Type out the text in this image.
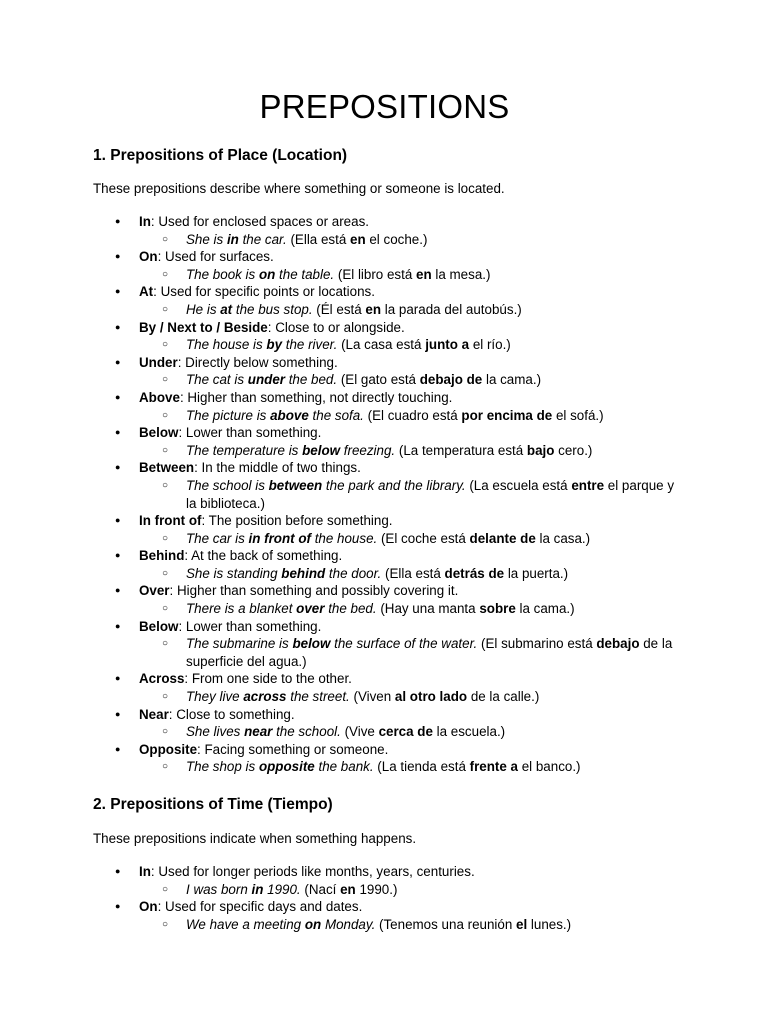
PREPOSITIONS
1. Prepositions of Place (Location)

These prepositions describe where something or someone is located.

● In: Used for enclosed spaces or areas.
○ She is in the car. (Ella está en el coche.)
● On: Used for surfaces.
○ The book is on the table. (El libro está en la mesa.)
● At: Used for specific points or locations.
○ He is at the bus stop. (Él está en la parada del autobús.)
● By / Next to / Beside: Close to or alongside.
○ The house is by the river. (La casa está junto a el río.)
● Under: Directly below something.
○ The cat is under the bed. (El gato está debajo de la cama.)
● Above: Higher than something, not directly touching.
○ The picture is above the sofa. (El cuadro está por encima de el sofá.)
● Below: Lower than something.
○ The temperature is below freezing. (La temperatura está bajo cero.)
● Between: In the middle of two things.
○ The school is between the park and the library. (La escuela está entre el parque y la biblioteca.)
● In front of: The position before something.
○ The car is in front of the house. (El coche está delante de la casa.)
● Behind: At the back of something.
○ She is standing behind the door. (Ella está detrás de la puerta.)
● Over: Higher than something and possibly covering it.
○ There is a blanket over the bed. (Hay una manta sobre la cama.)
● Below: Lower than something.
○ The submarine is below the surface of the water. (El submarino está debajo de la superficie del agua.)
● Across: From one side to the other.
○ They live across the street. (Viven al otro lado de la calle.)
● Near: Close to something.
○ She lives near the school. (Vive cerca de la escuela.)
● Opposite: Facing something or someone.
○ The shop is opposite the bank. (La tienda está frente a el banco.)
2. Prepositions of Time (Tiempo)

These prepositions indicate when something happens.

● In: Used for longer periods like months, years, centuries.
○ I was born in 1990. (Nací en 1990.)
● On: Used for specific days and dates.
○ We have a meeting on Monday. (Tenemos una reunión el lunes.)
